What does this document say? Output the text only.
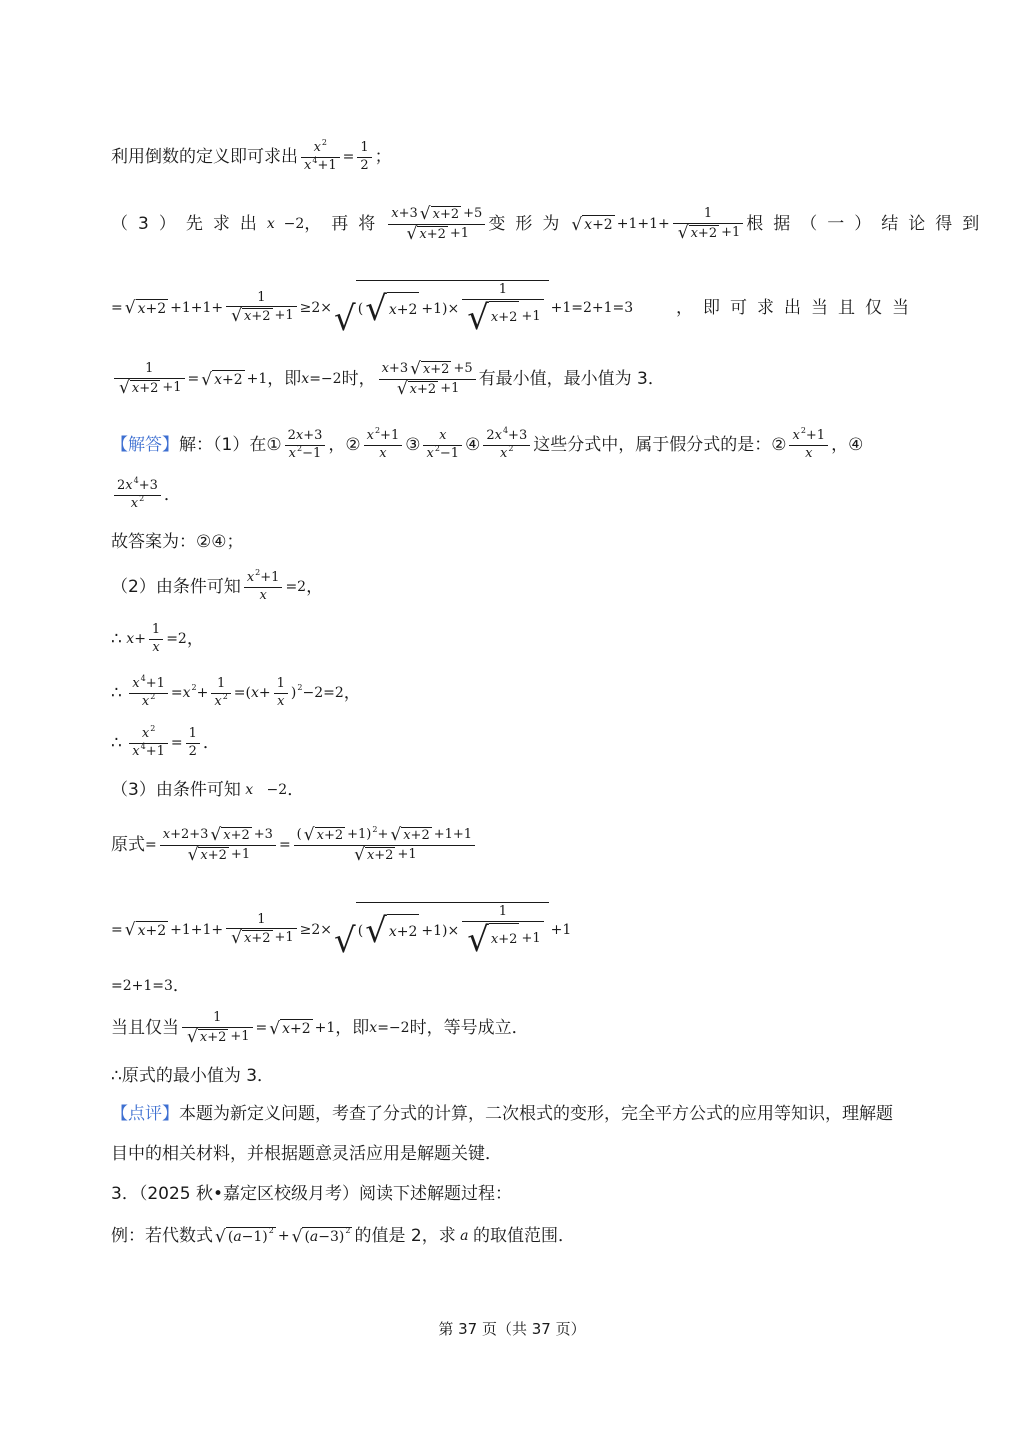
利用倒数的定义即可求出 $\frac{x 2}{x 4 +1} = \frac{1}{2}$ ；
（3）先求出 x −2 ，再将 $\frac{x +3 √ x +2 +5}{√ x +2 +1}$ 变形为 √ $x +2 +1+1+ \frac{1}{√ x +2 +1}$ 根据（一）结论得到
= √ $x +2 +1+1+ \frac{1}{√ x +2 +1} \ge 2\times$ √ ( √ $x +2 +1)\times \frac{1}{√ x +2 +1} +1=2+1=3$	，即可求出当且仅当
$\frac{1}{√ x +2 +1}$ = √ x +2 +1 ，即 x =−2 时， $\frac{x +3 √ x +2 +5}{√ x +2 +1}$ 有最小值，最小值为 3．
【解答】 解：（1）在① $\frac{2 x +3}{x 2 -1}$ ，② $\frac{x 2 +1}{x}$ ③ $\frac{x}{x 2 -1}$ ④ $\frac{2 x 4 +3}{x 2}$ 这些分式中，属于假分式的是：② $\frac{x 2 +1}{x}$ ，④
$\frac{2 x 4 +3}{x 2}$ ．
故答案为：②④；
（2）由条件可知 $\frac{x 2 +1}{x} =2$ ，
∴
$x + \frac{1}{x} =2$ ，
∴
$\frac{x 4 +1}{x 2} = x$ $2 + \frac{1}{x 2}$ =( $x + \frac{1}{x}$ ) 2 −2=2 ，
∴
$\frac{x 2}{x 4 +1} = \frac{1}{2}$ ．
（3）由条件可知
x −2 ．
原式 = $\frac{x +2+3 √ x +2 +3}{√ x +2 +1} = \frac{( √ x +2 +1) 2 + √ x +2 +1+1}{√ x +2 +1}$
= √ $x +2 +1+1+ \frac{1}{√ x +2 +1} \ge 2\times$ √ ( √ $x +2 +1)\times \frac{1}{√ x +2 +1} +1$
=2+1=3 ．
当且仅当 $\frac{1}{√ x +2 +1}$ = √ x +2 +1 ，即 x =−2 时，等号成立．
∴原式的最小值为 3．
【点评】 本题为新定义问题，考查了分式的计算，二次根式的变形，完全平方公式的应用等知识，理解题
目中的相关材料，并根据题意灵活应用是解题关键．
3．（2025 秋•嘉定区校级月考）阅读下述解题过程：
例：若代数式 √ ( a −1) 2 + √ ( a −3) 2 的值是 2，求
a
的取值范围．
第 37 页（共 37 页）
